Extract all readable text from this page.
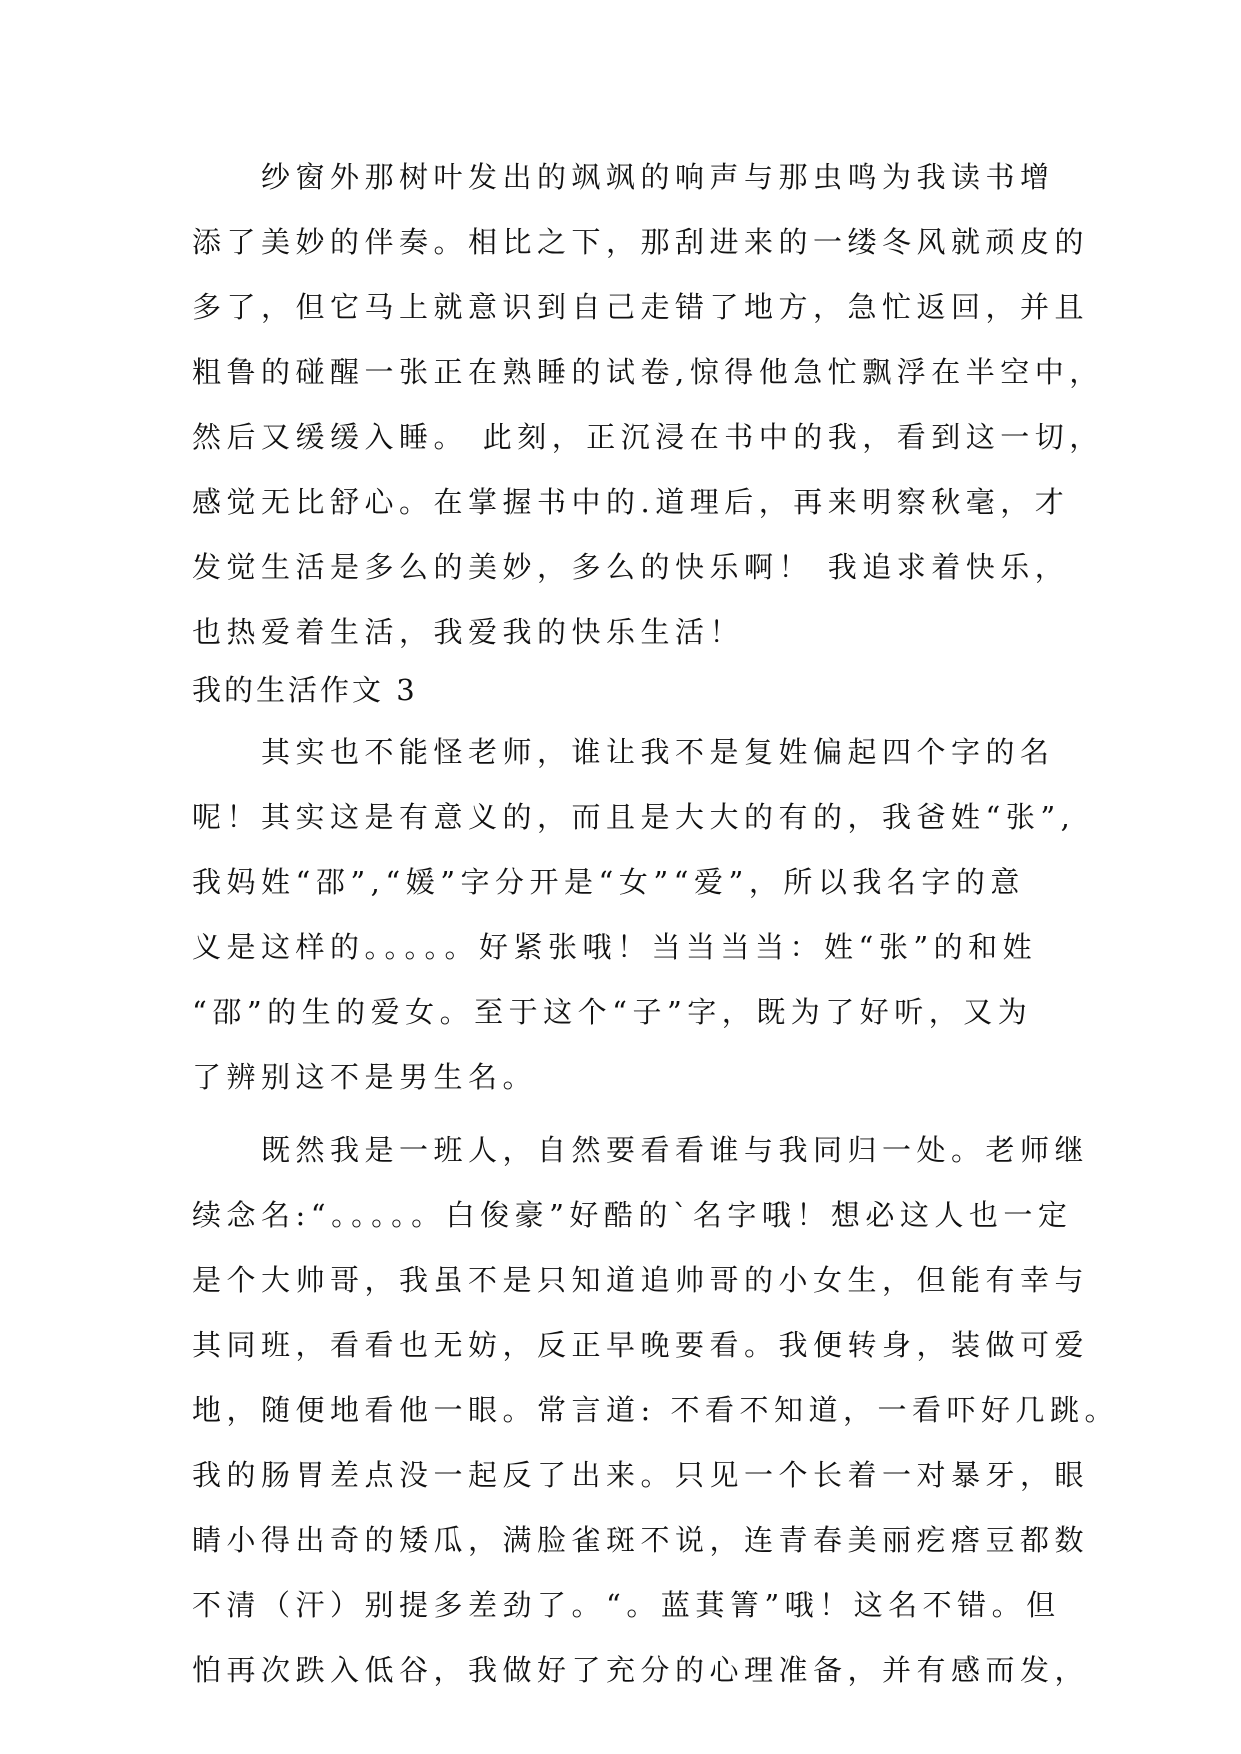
　　纱窗外那树叶发出的飒飒的响声与那虫鸣为我读书增
添了美妙的伴奏。相比之下，那刮进来的一缕冬风就顽皮的
多了，但它马上就意识到自己走错了地方，急忙返回，并且
粗鲁的碰醒一张正在熟睡的试卷,惊得他急忙飘浮在半空中，
然后又缓缓入睡。 此刻，正沉浸在书中的我，看到这一切，
感觉无比舒心。在掌握书中的.道理后，再来明察秋毫，才
发觉生活是多么的美妙，多么的快乐啊！ 我追求着快乐，
也热爱着生活，我爱我的快乐生活！
我的生活作文 3
　　其实也不能怪老师，谁让我不是复姓偏起四个字的名
呢！其实这是有意义的，而且是大大的有的，我爸姓“张”,
我妈姓“邵”,“媛”字分开是“女”“爱”，所以我名字的意
义是这样的。。。。。好紧张哦！当当当当：姓“张”的和姓
“邵”的生的爱女。至于这个“子”字，既为了好听，又为
了辨别这不是男生名。
　　既然我是一班人，自然要看看谁与我同归一处。老师继
续念名:“。。。。。白俊豪”好酷的`名字哦！想必这人也一定
是个大帅哥，我虽不是只知道追帅哥的小女生，但能有幸与
其同班，看看也无妨，反正早晚要看。我便转身，装做可爱
地，随便地看他一眼。常言道: 不看不知道，一看吓好几跳。
我的肠胃差点没一起反了出来。只见一个长着一对暴牙，眼
睛小得出奇的矮瓜，满脸雀斑不说，连青春美丽疙瘩豆都数
不清（汗）别提多差劲了。“。蓝萁箐”哦！这名不错。但
怕再次跌入低谷，我做好了充分的心理准备，并有感而发，
